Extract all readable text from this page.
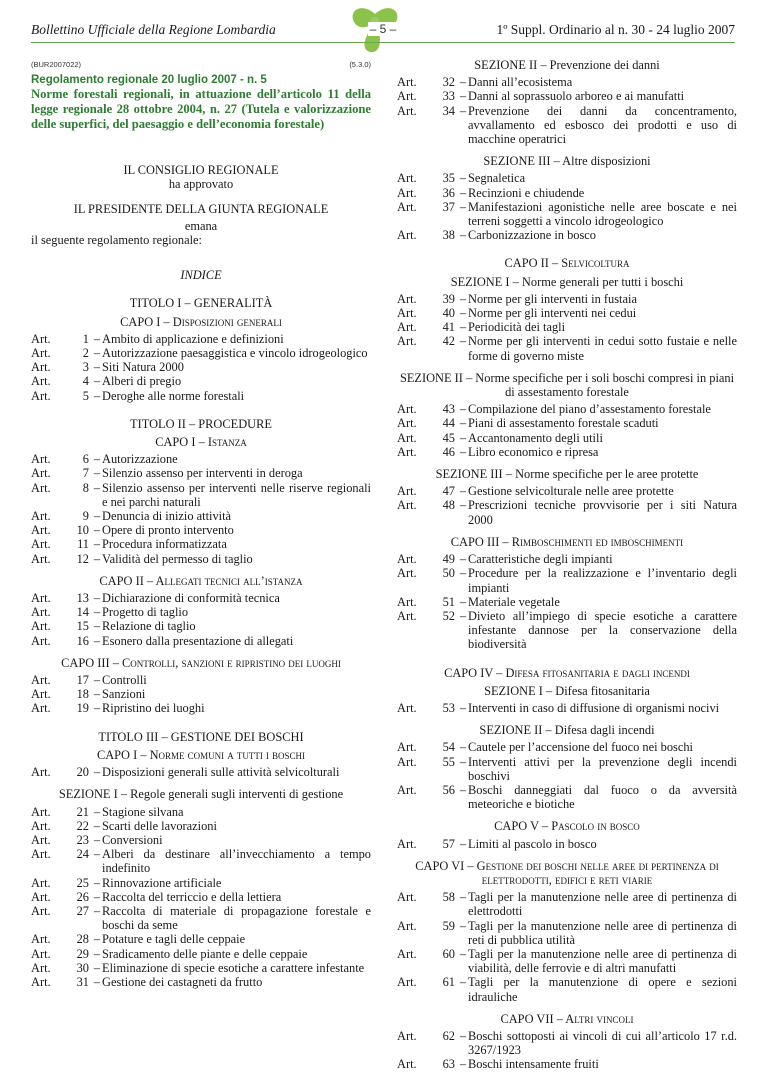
Bollettino Ufficiale della Regione Lombardia	– 5 –	1º Suppl. Ordinario al n. 30 - 24 luglio 2007
(BUR2007022)	(5.3.0)
Regolamento regionale 20 luglio 2007 - n. 5
Norme forestali regionali, in attuazione dell’articolo 11 della legge regionale 28 ottobre 2004, n. 27 (Tutela e valorizzazione delle superfici, del paesaggio e dell’economia forestale)
IL CONSIGLIO REGIONALE
ha approvato
IL PRESIDENTE DELLA GIUNTA REGIONALE
emana
il seguente regolamento regionale:
INDICE
TITOLO I – GENERALITÀ
CAPO I – Disposizioni generali
Art.	1 – Ambito di applicazione e definizioni
Art.	2 – Autorizzazione paesaggistica e vincolo idrogeologico
Art.	3 – Siti Natura 2000
Art.	4 – Alberi di pregio
Art.	5 – Deroghe alle norme forestali
TITOLO II – PROCEDURE
CAPO I – Istanza
Art.	6 – Autorizzazione
Art.	7 – Silenzio assenso per interventi in deroga
Art.	8 – Silenzio assenso per interventi nelle riserve regionali e nei parchi naturali
Art.	9 – Denuncia di inizio attività
Art.	10 – Opere di pronto intervento
Art.	11 – Procedura informatizzata
Art.	12 – Validità del permesso di taglio
CAPO II – Allegati tecnici all’istanza
Art.	13 – Dichiarazione di conformità tecnica
Art.	14 – Progetto di taglio
Art.	15 – Relazione di taglio
Art.	16 – Esonero dalla presentazione di allegati
CAPO III – Controlli, sanzioni e ripristino dei luoghi
Art.	17 – Controlli
Art.	18 – Sanzioni
Art.	19 – Ripristino dei luoghi
TITOLO III – GESTIONE DEI BOSCHI
CAPO I – Norme comuni a tutti i boschi
Art.	20 – Disposizioni generali sulle attività selvicolturali
SEZIONE I – Regole generali sugli interventi di gestione
Art.	21 – Stagione silvana
Art.	22 – Scarti delle lavorazioni
Art.	23 – Conversioni
Art.	24 – Alberi da destinare all’invecchiamento a tempo indefinito
Art.	25 – Rinnovazione artificiale
Art.	26 – Raccolta del terriccio e della lettiera
Art.	27 – Raccolta di materiale di propagazione forestale e boschi da seme
Art.	28 – Potature e tagli delle ceppaie
Art.	29 – Sradicamento delle piante e delle ceppaie
Art.	30 – Eliminazione di specie esotiche a carattere infestante
Art.	31 – Gestione dei castagneti da frutto
SEZIONE II – Prevenzione dei danni
Art.	32 – Danni all’ecosistema
Art.	33 – Danni al soprassuolo arboreo e ai manufatti
Art.	34 – Prevenzione dei danni da concentramento, avvallamento ed esbosco dei prodotti e uso di macchine operatrici
SEZIONE III – Altre disposizioni
Art.	35 – Segnaletica
Art.	36 – Recinzioni e chiudende
Art.	37 – Manifestazioni agonistiche nelle aree boscate e nei terreni soggetti a vincolo idrogeologico
Art.	38 – Carbonizzazione in bosco
CAPO II – Selvicoltura
SEZIONE I – Norme generali per tutti i boschi
Art.	39 – Norme per gli interventi in fustaia
Art.	40 – Norme per gli interventi nei cedui
Art.	41 – Periodicità dei tagli
Art.	42 – Norme per gli interventi in cedui sotto fustaie e nelle forme di governo miste
SEZIONE II – Norme specifiche per i soli boschi compresi in piani di assestamento forestale
Art.	43 – Compilazione del piano d’assestamento forestale
Art.	44 – Piani di assestamento forestale scaduti
Art.	45 – Accantonamento degli utili
Art.	46 – Libro economico e ripresa
SEZIONE III – Norme specifiche per le aree protette
Art.	47 – Gestione selvicolturale nelle aree protette
Art.	48 – Prescrizioni tecniche provvisorie per i siti Natura 2000
CAPO III – Rimboschimenti ed imboschimenti
Art.	49 – Caratteristiche degli impianti
Art.	50 – Procedure per la realizzazione e l’inventario degli impianti
Art.	51 – Materiale vegetale
Art.	52 – Divieto all’impiego di specie esotiche a carattere infestante dannose per la conservazione della biodiversità
CAPO IV – Difesa fitosanitaria e dagli incendi
SEZIONE I – Difesa fitosanitaria
Art.	53 – Interventi in caso di diffusione di organismi nocivi
SEZIONE II – Difesa dagli incendi
Art.	54 – Cautele per l’accensione del fuoco nei boschi
Art.	55 – Interventi attivi per la prevenzione degli incendi boschivi
Art.	56 – Boschi danneggiati dal fuoco o da avversità meteoriche e biotiche
CAPO V – Pascolo in bosco
Art.	57 – Limiti al pascolo in bosco
CAPO VI – Gestione dei boschi nelle aree di pertinenza di elettrodotti, edifici e reti viarie
Art.	58 – Tagli per la manutenzione nelle aree di pertinenza di elettrodotti
Art.	59 – Tagli per la manutenzione nelle aree di pertinenza di reti di pubblica utilità
Art.	60 – Tagli per la manutenzione nelle aree di pertinenza di viabilità, delle ferrovie e di altri manufatti
Art.	61 – Tagli per la manutenzione di opere e sezioni idrauliche
CAPO VII – Altri vincoli
Art.	62 – Boschi sottoposti ai vincoli di cui all’articolo 17 r.d. 3267/1923
Art.	63 – Boschi intensamente fruiti
